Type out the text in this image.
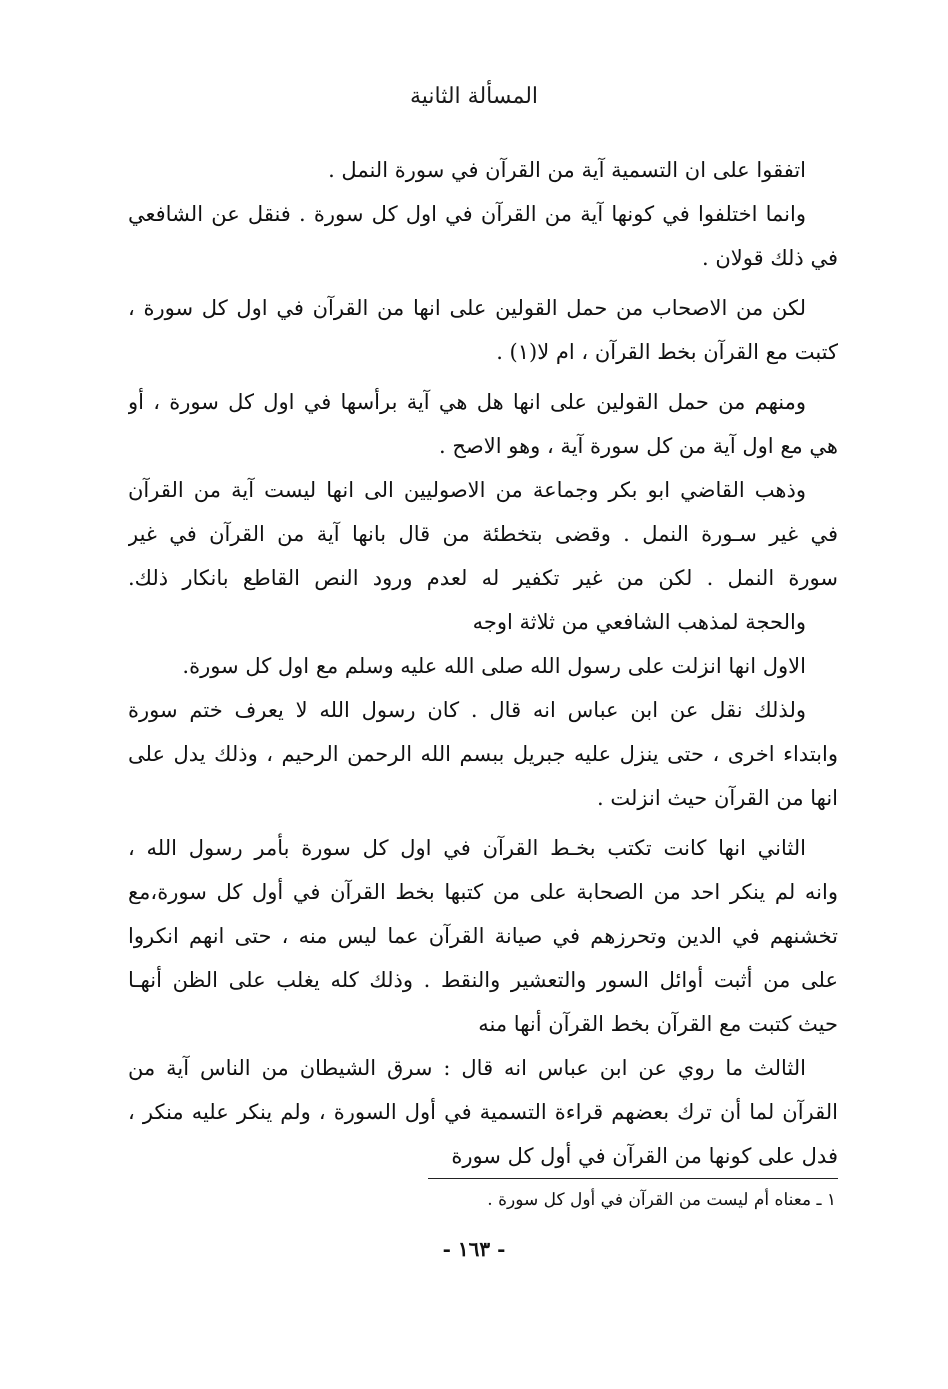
المسألة الثانية
اتفقوا على ان التسمية آية من القرآن في سورة النمل .
وانما اختلفوا في كونها آية من القرآن في اول كل سورة . فنقل عن الشافعي
في ذلك قولان .
لكن من الاصحاب من حمل القولين على انها من القرآن في اول كل سورة ،
كتبت مع القرآن بخط القرآن ، ام لا(١) .
ومنهم من حمل القولين على انها هل هي آية برأسها في اول كل سورة ، أو
هي مع اول آية من كل سورة آية ، وهو الاصح .
وذهب القاضي ابو بكر وجماعة من الاصوليين الى انها ليست آية من القرآن
في غير سـورة النمل . وقضى بتخطئة من قال بانها آية من القرآن في غير
سورة النمل . لكن من غير تكفير له لعدم ورود النص القاطع بانكار ذلك.
والحجة لمذهب الشافعي من ثلاثة اوجه
الاول انها انزلت على رسول الله صلى الله عليه وسلم مع اول كل سورة.
ولذلك نقل عن ابن عباس انه قال . كان رسول الله لا يعرف ختم سورة
وابتداء اخرى ، حتى ينزل عليه جبريل ببسم الله الرحمن الرحيم ، وذلك يدل على
انها من القرآن حيث انزلت .
الثاني انها كانت تكتب بخـط القرآن في اول كل سورة بأمر رسول الله ،
وانه لم ينكر احد من الصحابة على من كتبها بخط القرآن في أول كل سورة،مع
تخشنهم في الدين وتحرزهم في صيانة القرآن عما ليس منه ، حتى انهم انكروا
على من أثبت أوائل السور والتعشير والنقط . وذلك كله يغلب على الظن أنهـا
حيث كتبت مع القرآن بخط القرآن أنها منه
الثالث ما روي عن ابن عباس انه قال : سرق الشيطان من الناس آية من
القرآن لما أن ترك بعضهم قراءة التسمية في أول السورة ، ولم ينكر عليه منكر ،
فدل على كونها من القرآن في أول كل سورة
١ ـ معناه أم ليست من القرآن في أول كل سورة .
- ١٦٣ -
